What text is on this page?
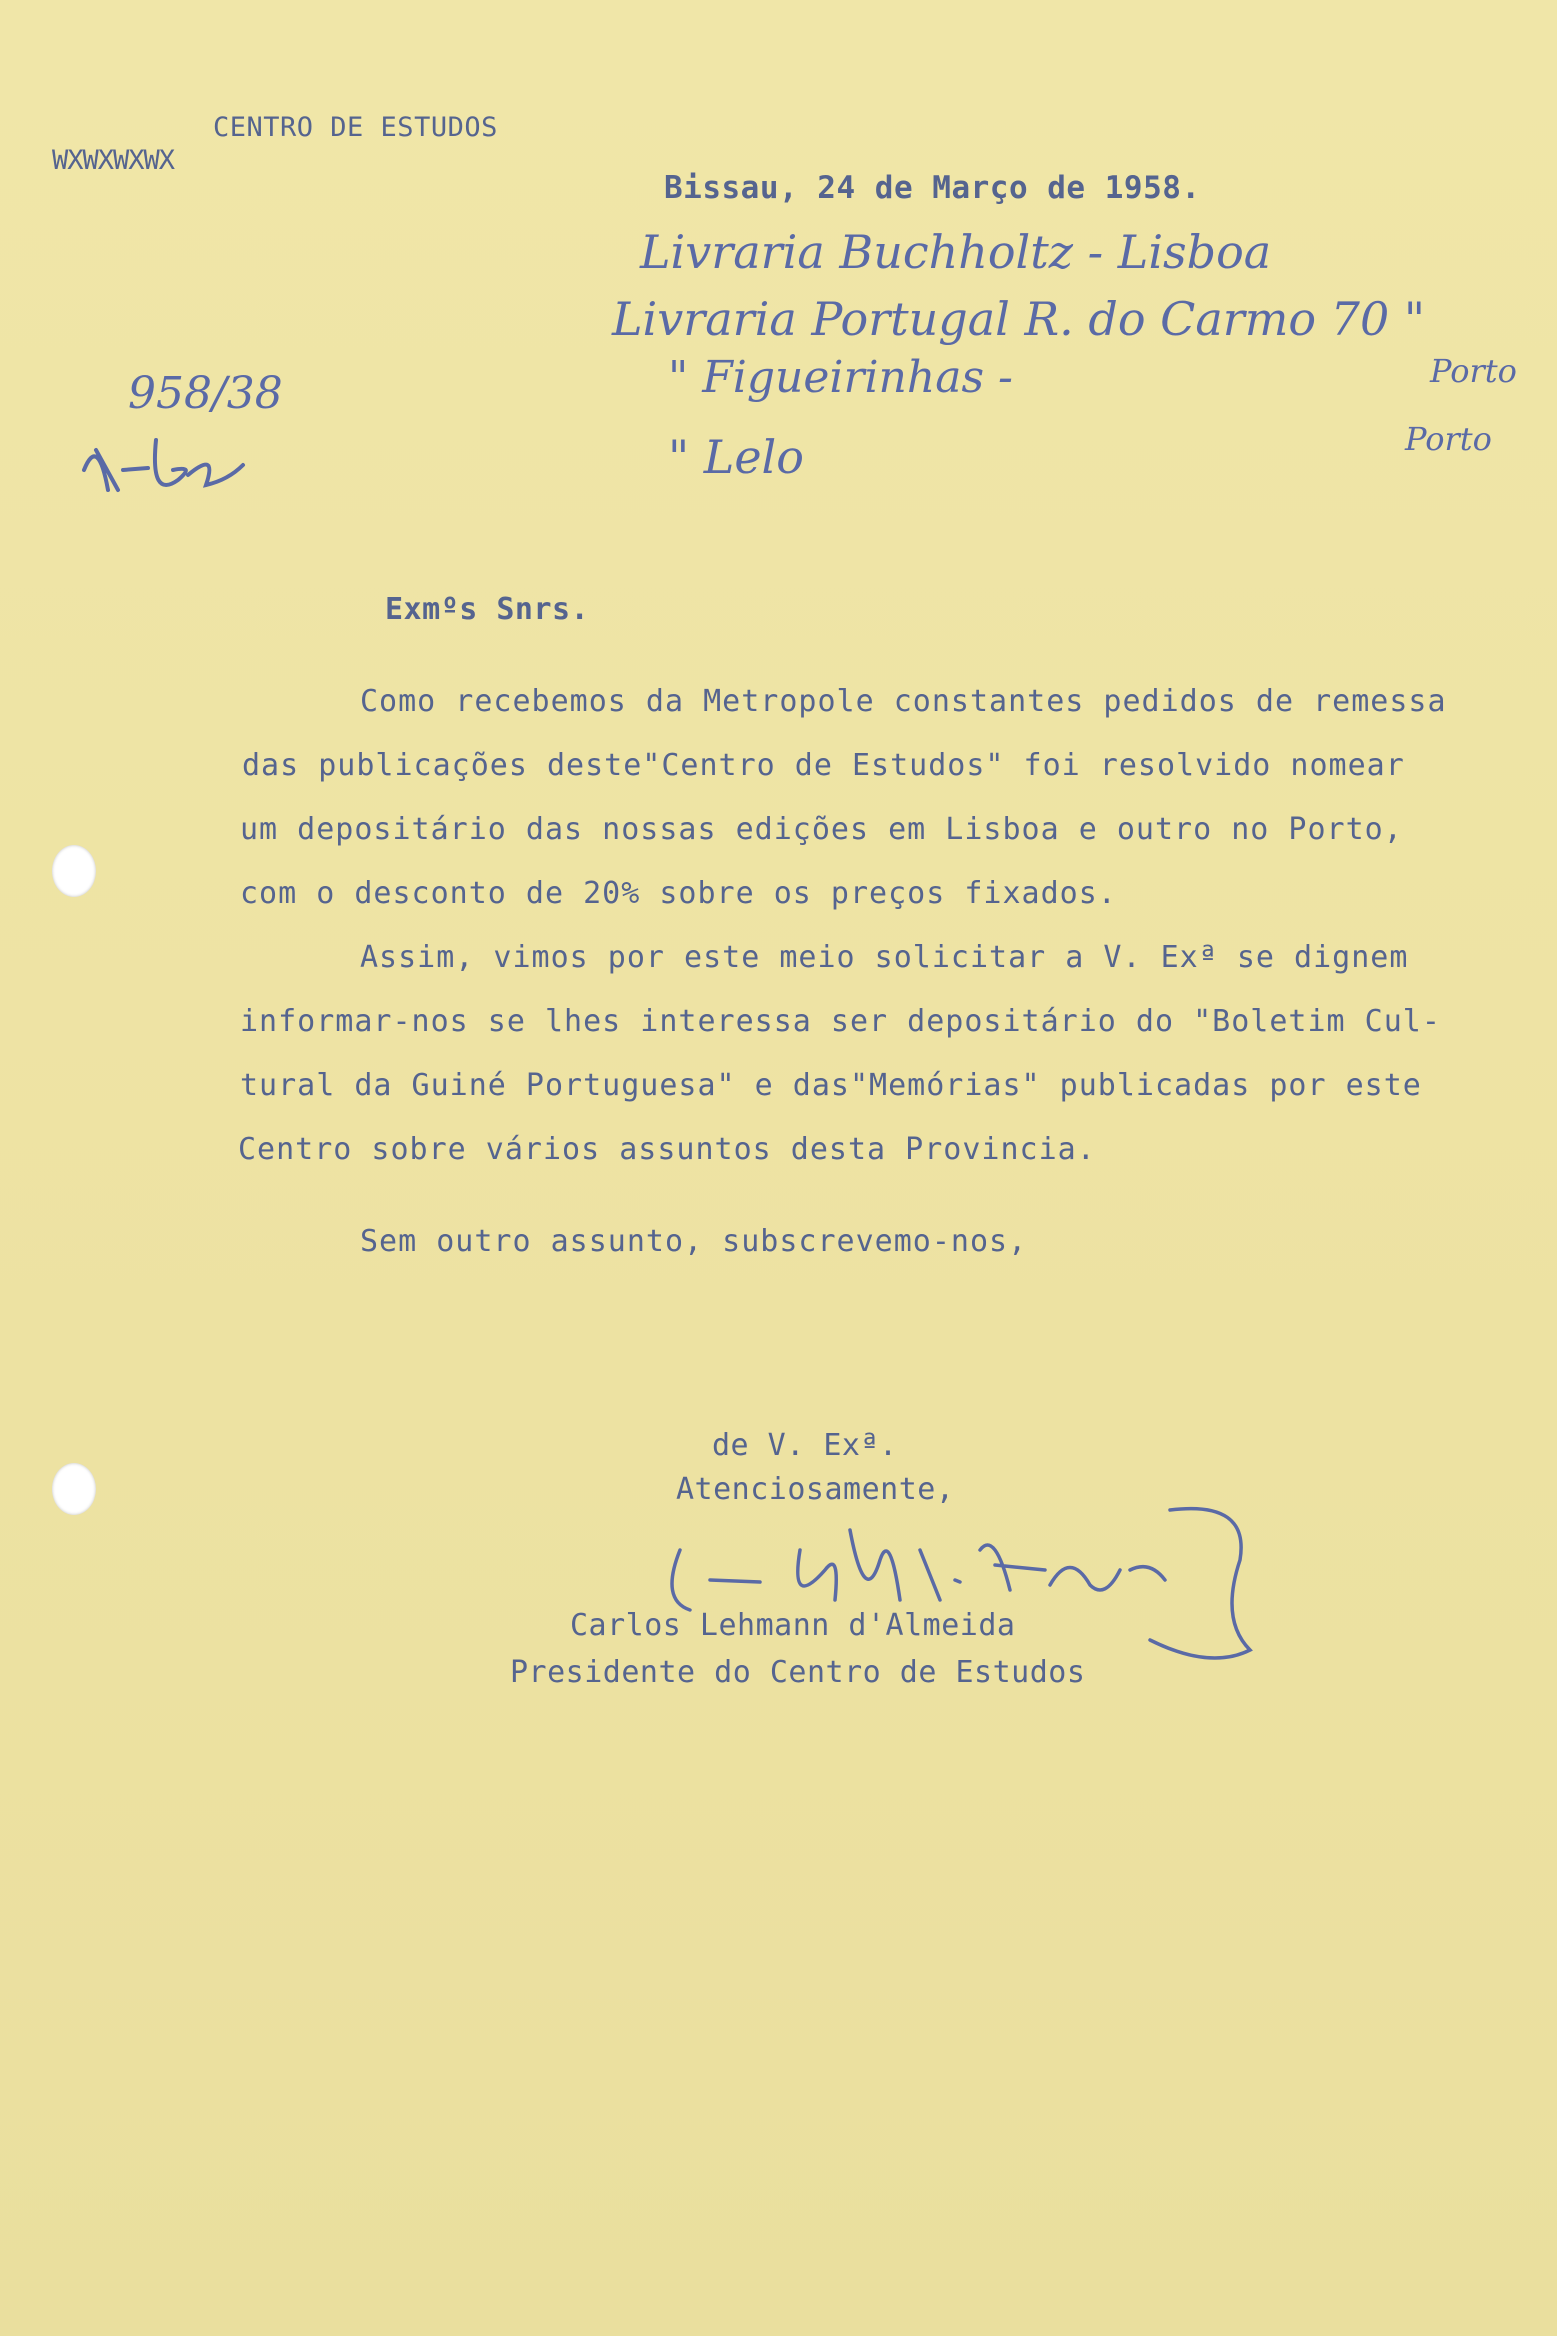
CENTRO DE ESTUDOS
WXWXWXWX
Bissau, 24 de Março de 1958.
958/38
Livraria Buchholtz - Lisboa
Livraria Portugal R. do Carmo 70 "
" Figueirinhas -
" Lelo
Porto
Porto
Exmºs Snrs.
Como recebemos da Metropole constantes pedidos de remessa
das publicações deste"Centro de Estudos" foi resolvido nomear
um depositário das nossas edições em Lisboa e outro no Porto,
com o desconto de 20% sobre os preços fixados.
Assim, vimos por este meio solicitar a V. Exª se dignem
informar-nos se lhes interessa ser depositário do "Boletim Cul-
tural da Guiné Portuguesa" e das"Memórias" publicadas por este
Centro sobre vários assuntos desta Provincia.
Sem outro assunto, subscrevemo-nos,
de V. Exª.
Atenciosamente,
Carlos Lehmann d'Almeida
Presidente do Centro de Estudos
